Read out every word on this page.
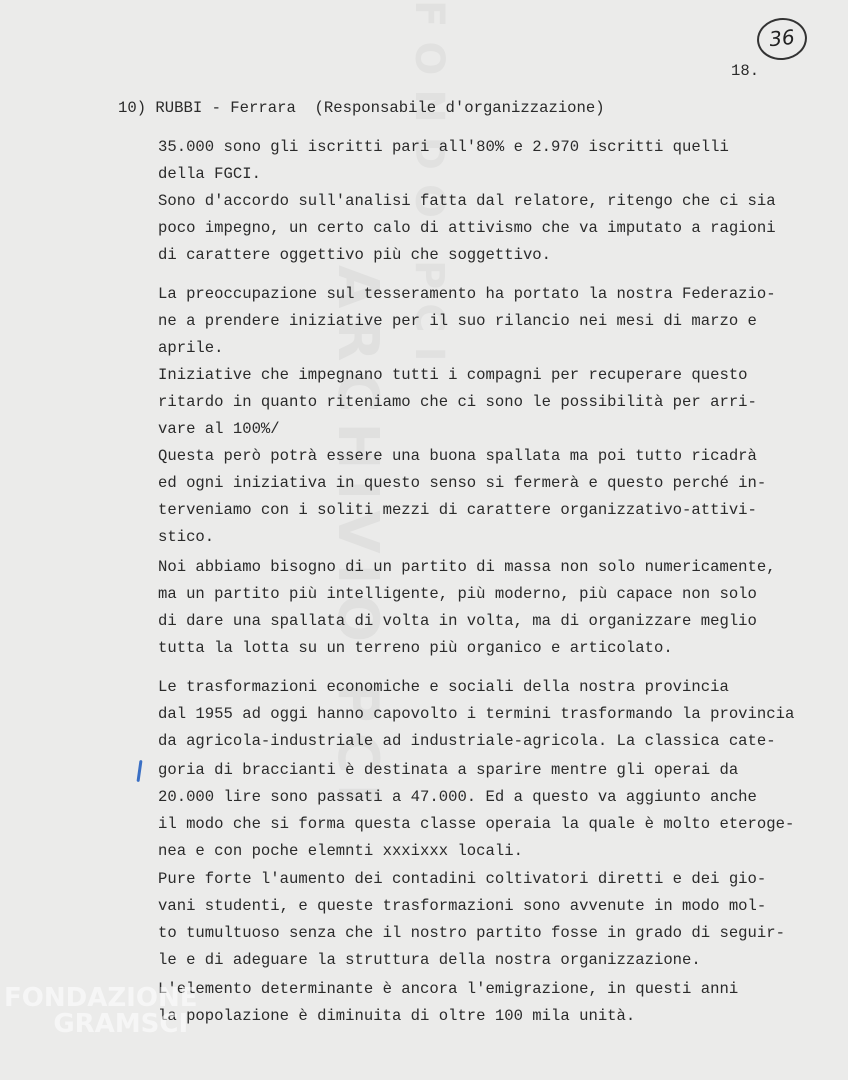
36
18.
10) RUBBI - Ferrara  (Responsabile d'organizzazione)
35.000 sono gli iscritti pari all'80% e 2.970 iscritti quelli
della FGCI.
Sono d'accordo sull'analisi fatta dal relatore, ritengo che ci sia
poco impegno, un certo calo di attivismo che va imputato a ragioni
di carattere oggettivo più che soggettivo.
La preoccupazione sul tesseramento ha portato la nostra Federazio-
ne a prendere iniziative per il suo rilancio nei mesi di marzo e
aprile.
Iniziative che impegnano tutti i compagni per recuperare questo
ritardo in quanto riteniamo che ci sono le possibilità per arri-
vare al 100%/
Questa però potrà essere una buona spallata ma poi tutto ricadrà
ed ogni iniziativa in questo senso si fermerà e questo perché in-
terveniamo con i soliti mezzi di carattere organizzativo-attivi-
stico.
Noi abbiamo bisogno di un partito di massa non solo numericamente,
ma un partito più intelligente, più moderno, più capace non solo
di dare una spallata di volta in volta, ma di organizzare meglio
tutta la lotta su un terreno più organico e articolato.
Le trasformazioni economiche e sociali della nostra provincia
dal 1955 ad oggi hanno capovolto i termini trasformando la provincia
da agricola-industriale ad industriale-agricola. La classica cate-
goria di braccianti è destinata a sparire mentre gli operai da
20.000 lire sono passati a 47.000. Ed a questo va aggiunto anche
il modo che si forma questa classe operaia la quale è molto eteroge-
nea e con poche elemnti xxxixxx locali.
Pure forte l'aumento dei contadini coltivatori diretti e dei gio-
vani studenti, e queste trasformazioni sono avvenute in modo mol-
to tumultuoso senza che il nostro partito fosse in grado di seguir-
le e di adeguare la struttura della nostra organizzazione.
L'elemento determinante è ancora l'emigrazione, in questi anni
la popolazione è diminuita di oltre 100 mila unità.
FONDAZIONE
GRAMSCI
